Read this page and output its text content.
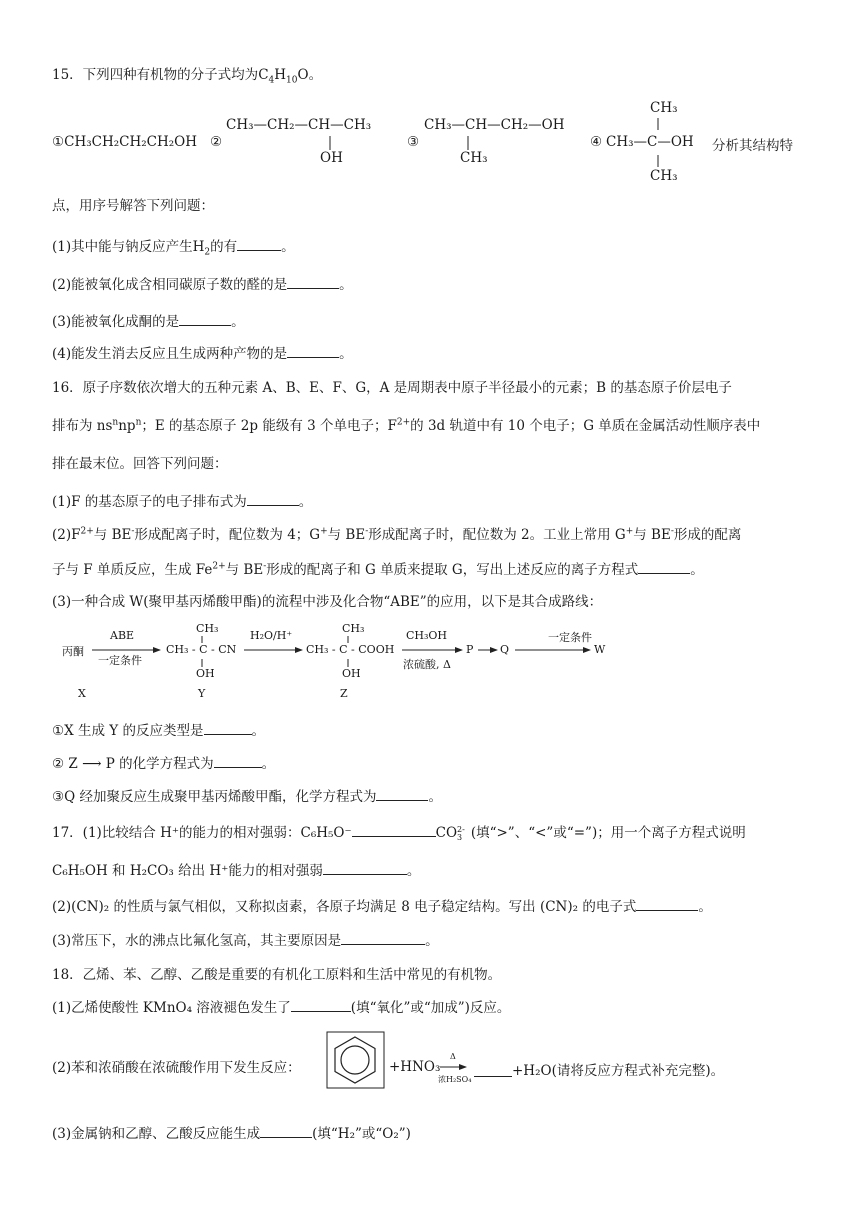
15．下列四种有机物的分子式均为$C_4H_{10}O$。
①CH₃CH₂CH₂CH₂OH ②
CH₃—CH₂—CH—CH₃
OH
③
CH₃—CH—CH₂—OH
CH₃
④
CH₃
CH₃—C—OH
CH₃
分析其结构特
点，用序号解答下列问题：
(1)其中能与钠反应产生$H_2$的有	。
(2)能被氧化成含相同碳原子数的醛的是	。
(3)能被氧化成酮的是	。
(4)能发生消去反应且生成两种产物的是	。
16．原子序数依次增大的五种元素 A、B、E、F、G，A 是周期表中原子半径最小的元素；B 的基态原子价层电子
排布为 $ns^nnp^n$；E 的基态原子 2p 能级有 3 个单电子；$F^{2+}$的 3d 轨道中有 10 个电子；G 单质在金属活动性顺序表中
排在最末位。回答下列问题：
(1)F 的基态原子的电子排布式为	。
$(2)F^{2+}$与 BE-形成配离子时，配位数为 4；G+与 BE-形成配离子时，配位数为 2。工业上常用 G+与 BE-形成的配离
子与 F 单质反应，生成 $Fe^{2+}$与 BE-形成的配离子和 G 单质来提取 G，写出上述反应的离子方程式	。
(3)一种合成 W(聚甲基丙烯酸甲酯)的流程中涉及化合物“ABE”的应用，以下是其合成路线：
丙酮
ABE
一定条件
CH₃
CH₃ - C - CN
OH
H₂O/H⁺
CH₃
CH₃ - C - COOH
OH
CH₃OH
浓硫酸, Δ
P Q
一定条件
W
X	Y	Z
①X 生成 Y 的反应类型是	。
② Z ⟶ P 的化学方程式为	。
③Q 经加聚反应生成聚甲基丙烯酸甲酯，化学方程式为	。
17．(1)比较结合 H⁺的能力的相对强弱：C₆H₅O⁻	CO2-
3 (填“>”、“<”或“=”)；用一个离子方程式说明
C₆H₅OH 和 H₂CO₃ 给出 H⁺能力的相对强弱	。
(2)(CN)₂ 的性质与氯气相似，又称拟卤素，各原子均满足 8 电子稳定结构。写出 (CN)₂ 的电子式	。
(3)常压下，水的沸点比氟化氢高，其主要原因是	。
18．乙烯、苯、乙醇、乙酸是重要的有机化工原料和生活中常见的有机物。
(1)乙烯使酸性 KMnO₄ 溶液褪色发生了	(填“氧化”或“加成”)反应。
(2)苯和浓硝酸在浓硫酸作用下发生反应：	+HNO₃
Δ
浓H₂SO₄
+H₂O(请将反应方程式补充完整)。
(3)金属钠和乙醇、乙酸反应能生成	(填“H₂”或“O₂”)
